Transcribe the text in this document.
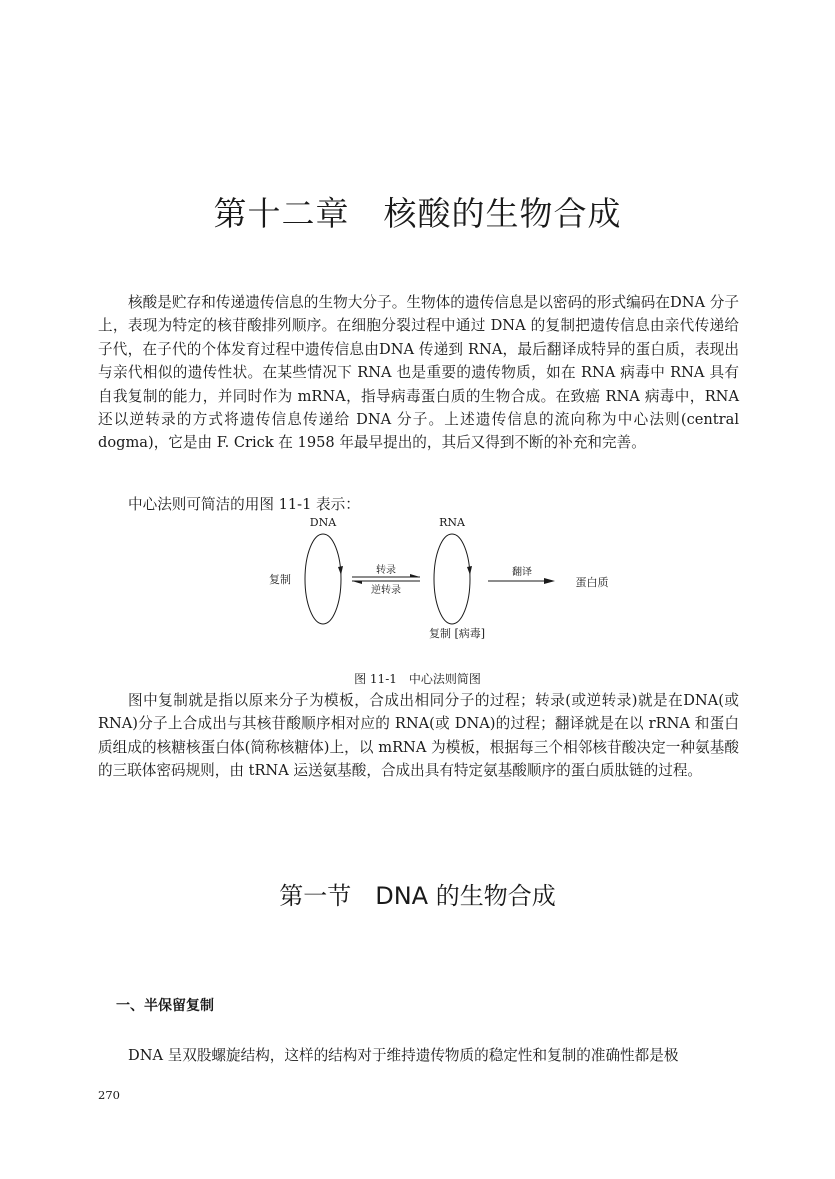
第十二章　核酸的生物合成

核酸是贮存和传递遗传信息的生物大分子。生物体的遗传信息是以密码的形式编码在DNA 分子上，表现为特定的核苷酸排列顺序。在细胞分裂过程中通过 DNA 的复制把遗传信息由亲代传递给子代，在子代的个体发育过程中遗传信息由DNA 传递到 RNA，最后翻译成特异的蛋白质，表现出与亲代相似的遗传性状。在某些情况下 RNA 也是重要的遗传物质，如在 RNA 病毒中 RNA 具有自我复制的能力，并同时作为 mRNA，指导病毒蛋白质的生物合成。在致癌 RNA 病毒中，RNA 还以逆转录的方式将遗传信息传递给 DNA 分子。上述遗传信息的流向称为中心法则(central dogma)，它是由 F. Crick 在 1958 年最早提出的，其后又得到不断的补充和完善。

中心法则可简洁的用图 11-1 表示：

DNA
复制
转录
逆转录
RNA
复制 [病毒]
翻译
蛋白质

图 11-1　中心法则简图

图中复制就是指以原来分子为模板，合成出相同分子的过程；转录(或逆转录)就是在DNA(或 RNA)分子上合成出与其核苷酸顺序相对应的 RNA(或 DNA)的过程；翻译就是在以 rRNA 和蛋白质组成的核糖核蛋白体(简称核糖体)上，以 mRNA 为模板，根据每三个相邻核苷酸决定一种氨基酸的三联体密码规则，由 tRNA 运送氨基酸，合成出具有特定氨基酸顺序的蛋白质肽链的过程。

第一节　DNA 的生物合成
一、半保留复制

DNA 呈双股螺旋结构，这样的结构对于维持遗传物质的稳定性和复制的准确性都是极

270
